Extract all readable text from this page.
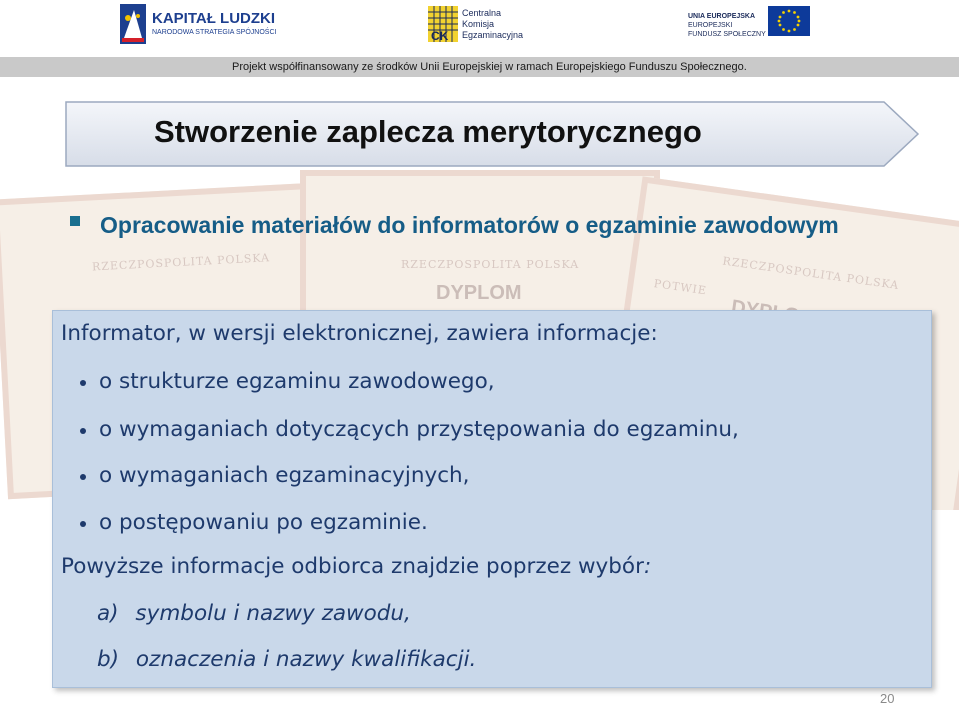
RZECZPOSPOLITA POLSKA	RZECZPOSPOLITA POLSKA
DYPLOM
RZECZPOSPOLITA POLSKA
POTWIE
KAPITAŁ LUDZKI
NARODOWA STRATEGIA SPÓJNOŚCI	CK
Centralna
Komisja
Egzaminacyjna
UNIA EUROPEJSKA
EUROPEJSKI
FUNDUSZ SPOŁECZNY
Projekt współfinansowany ze środków Unii Europejskiej w ramach Europejskiego Funduszu Społecznego.
Stworzenie zaplecza merytorycznego
Opracowanie materiałów do informatorów o egzaminie zawodowym
Informator, w wersji elektronicznej, zawiera informacje:
o strukturze egzaminu zawodowego,
o wymaganiach dotyczących przystępowania do egzaminu,
o wymaganiach egzaminacyjnych,
o postępowaniu po egzaminie.
Powyższe informacje odbiorca znajdzie poprzez wybór:
a) symbolu i nazwy zawodu,
b) oznaczenia i nazwy kwalifikacji.
20
